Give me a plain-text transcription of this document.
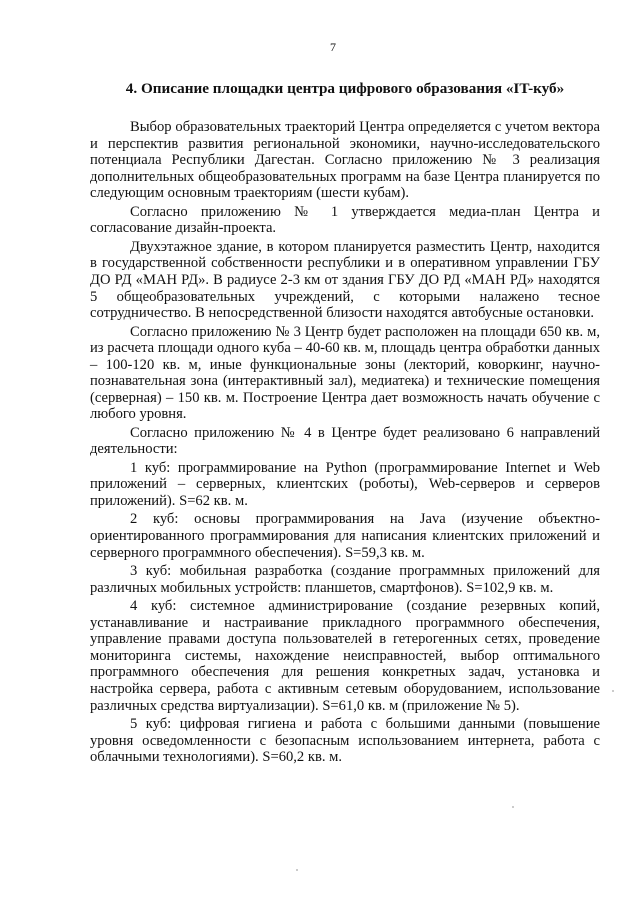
7
4. Описание площадки центра цифрового образования «IT-куб»

Выбор образовательных траекторий Центра определяется с учетом вектора и перспектив развития региональной экономики, научно-исследовательского потенциала Республики Дагестан. Согласно приложению № 3 реализация дополнительных общеобразовательных программ на базе Центра планируется по следующим основным траекториям (шести кубам).

Согласно приложению № 1 утверждается медиа-план Центра и согласование дизайн-проекта.

Двухэтажное здание, в котором планируется разместить Центр, находится в государственной собственности республики и в оперативном управлении ГБУ ДО РД «МАН РД». В радиусе 2-3 км от здания ГБУ ДО РД «МАН РД» находятся 5 общеобразовательных учреждений, с которыми налажено тесное сотрудничество. В непосредственной близости находятся автобусные остановки.

Согласно приложению № 3 Центр будет расположен на площади 650 кв. м, из расчета площади одного куба – 40-60 кв. м, площадь центра обработки данных – 100-120 кв. м, иные функциональные зоны (лекторий, коворкинг, научно-познавательная зона (интерактивный зал), медиатека) и технические помещения (серверная) – 150 кв. м. Построение Центра дает возможность начать обучение с любого уровня.

Согласно приложению № 4 в Центре будет реализовано 6 направлений деятельности:

1 куб: программирование на Python (программирование Internet и Web приложений – серверных, клиентских (роботы), Web-серверов и серверов приложений). S=62 кв. м.

2 куб: основы программирования на Java (изучение объектно-ориентированного программирования для написания клиентских приложений и серверного программного обеспечения). S=59,3 кв. м.

3 куб: мобильная разработка (создание программных приложений для различных мобильных устройств: планшетов, смартфонов). S=102,9 кв. м.

4 куб: системное администрирование (создание резервных копий, устанавливание и настраивание прикладного программного обеспечения, управление правами доступа пользователей в гетерогенных сетях, проведение мониторинга системы, нахождение неисправностей, выбор оптимального программного обеспечения для решения конкретных задач, установка и настройка сервера, работа с активным сетевым оборудованием, использование различных средства виртуализации). S=61,0 кв. м (приложение № 5).

5 куб: цифровая гигиена и работа с большими данными (повышение уровня осведомленности с безопасным использованием интернета, работа с облачными технологиями). S=60,2 кв. м.
